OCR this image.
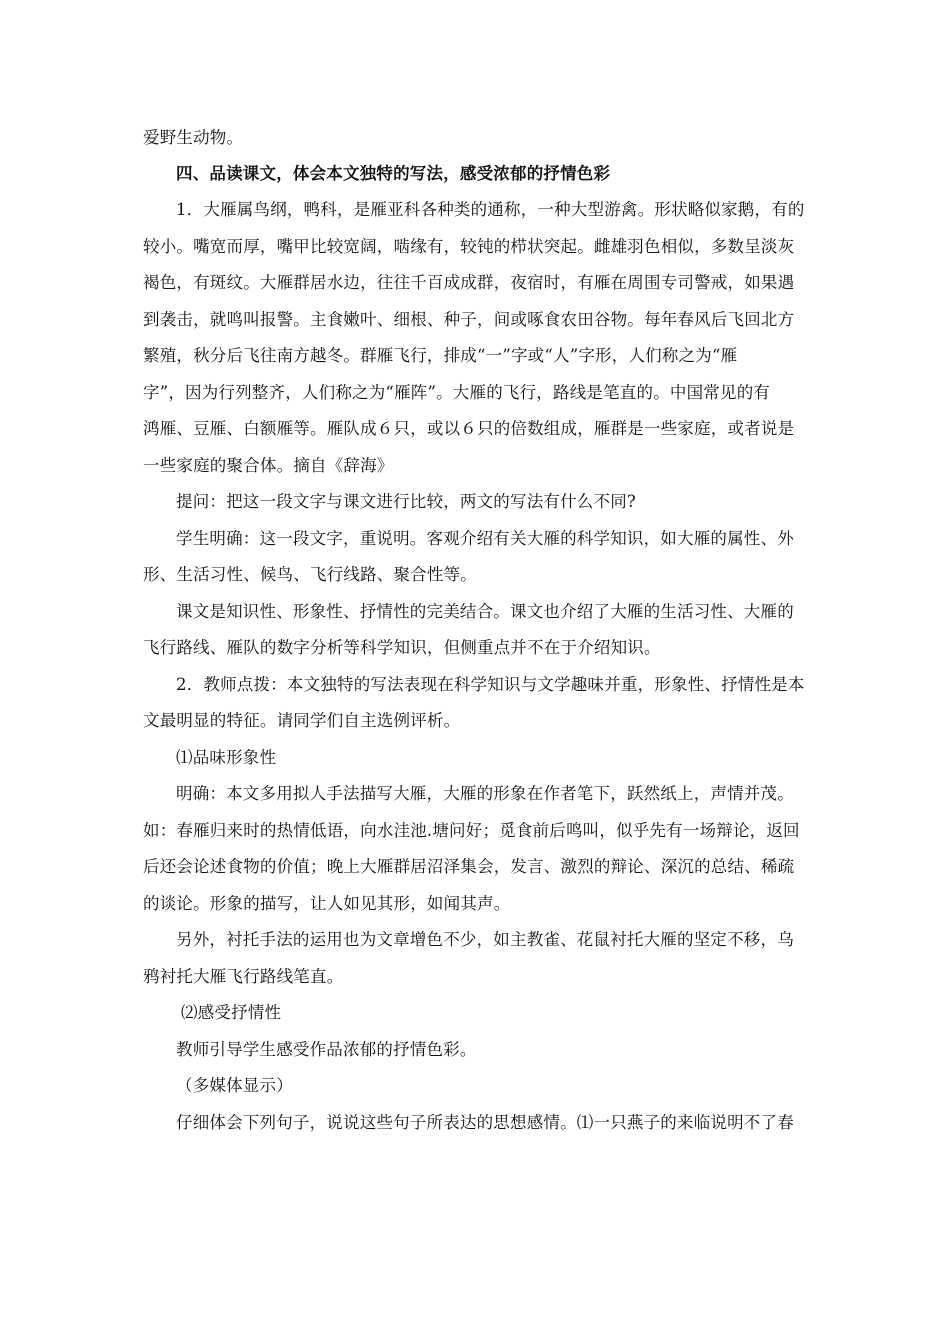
爱野生动物。
四、品读课文，体会本文独特的写法，感受浓郁的抒情色彩
1．大雁属鸟纲，鸭科，是雁亚科各种类的通称，一种大型游禽。形状略似家鹅，有的
较小。嘴宽而厚，嘴甲比较宽阔，啮缘有，较钝的栉状突起。雌雄羽色相似，多数呈淡灰
褐色，有斑纹。大雁群居水边，往往千百成成群，夜宿时，有雁在周围专司警戒，如果遇
到袭击，就鸣叫报警。主食嫩叶、细根、种子，间或啄食农田谷物。每年春风后飞回北方
繁殖，秋分后飞往南方越冬。群雁飞行，排成“一”字或“人”字形，人们称之为“雁
字”，因为行列整齐，人们称之为“雁阵”。大雁的飞行，路线是笔直的。中国常见的有
鸿雁、豆雁、白额雁等。雁队成６只，或以６只的倍数组成，雁群是一些家庭，或者说是
一些家庭的聚合体。摘自《辞海》
提问：把这一段文字与课文进行比较，两文的写法有什么不同?
学生明确：这一段文字，重说明。客观介绍有关大雁的科学知识，如大雁的属性、外
形、生活习性、候鸟、飞行线路、聚合性等。
课文是知识性、形象性、抒情性的完美结合。课文也介绍了大雁的生活习性、大雁的
飞行路线、雁队的数字分析等科学知识，但侧重点并不在于介绍知识。
2．教师点拨：本文独特的写法表现在科学知识与文学趣味并重，形象性、抒情性是本
文最明显的特征。请同学们自主选例评析。
⑴品味形象性
明确：本文多用拟人手法描写大雁，大雁的形象在作者笔下，跃然纸上，声情并茂。
如：春雁归来时的热情低语，向水洼池.塘问好；觅食前后鸣叫，似乎先有一场辩论，返回
后还会论述食物的价值；晚上大雁群居沼泽集会，发言、激烈的辩论、深沉的总结、稀疏
的谈论。形象的描写，让人如见其形，如闻其声。
另外，衬托手法的运用也为文章增色不少，如主教雀、花鼠衬托大雁的坚定不移，乌
鸦衬托大雁飞行路线笔直。
⑵感受抒情性
教师引导学生感受作品浓郁的抒情色彩。
（多媒体显示）
仔细体会下列句子，说说这些句子所表达的思想感情。⑴一只燕子的来临说明不了春
